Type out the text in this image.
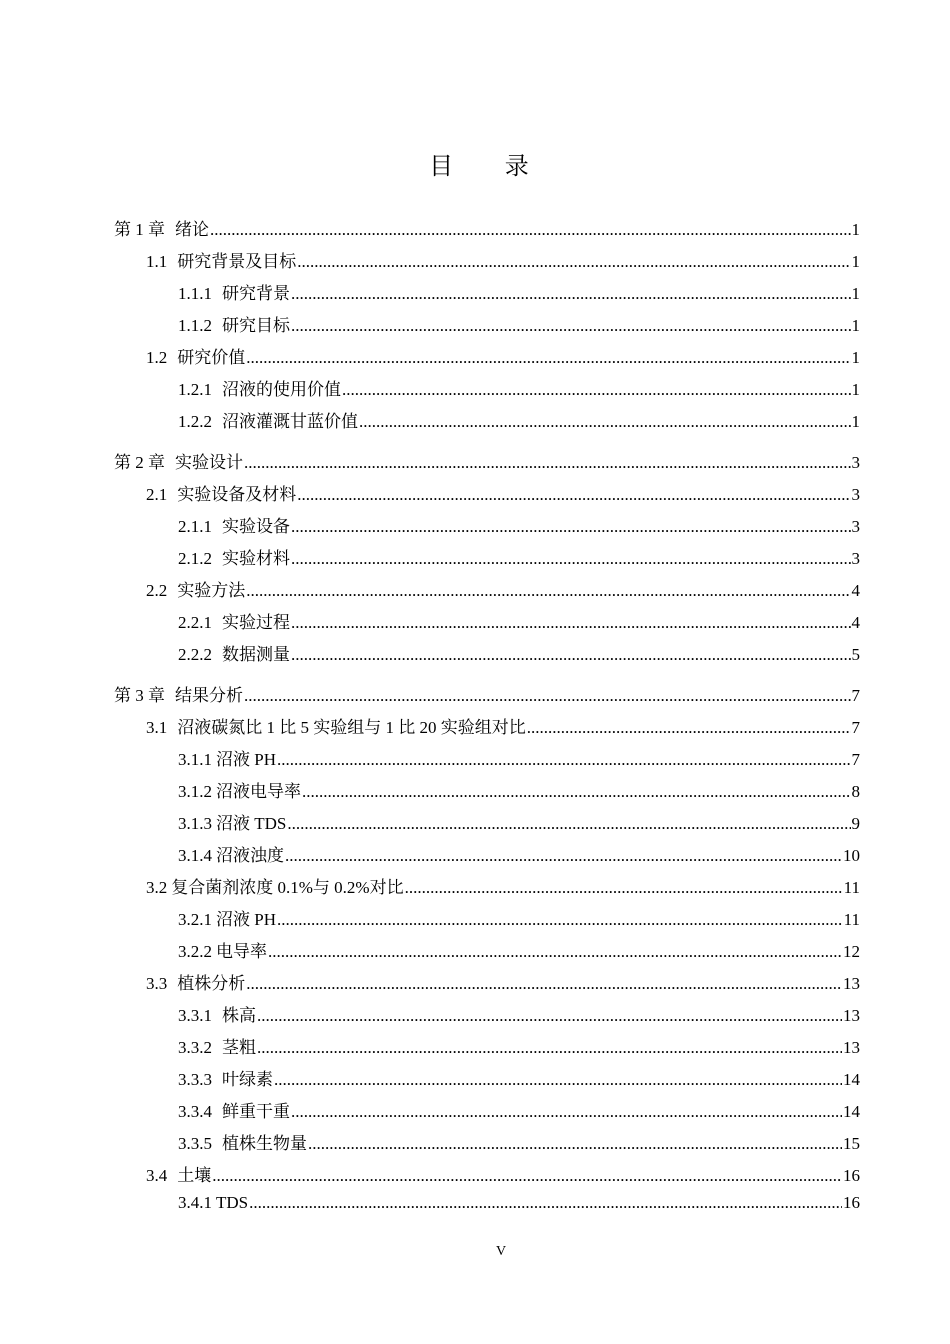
目 录
第 1 章 绪论 .....	1
1.1 研究背景及目标 .....	1
1.1.1 研究背景 .....	1
1.1.2 研究目标 .....	1
1.2 研究价值 .....	1
1.2.1 沼液的使用价值 .....	1
1.2.2 沼液灌溉甘蓝价值 .....	1
第 2 章 实验设计 .....	3
2.1 实验设备及材料 .....	3
2.1.1 实验设备 .....	3
2.1.2 实验材料 .....	3
2.2 实验方法 .....	4
2.2.1 实验过程 .....	4
2.2.2 数据测量 .....	5
第 3 章 结果分析 .....	7
3.1 沼液碳氮比 1 比 5 实验组与 1 比 20 实验组对比 .....	7
3.1.1 沼液 PH .....	7
3.1.2 沼液电导率 .....	8
3.1.3 沼液 TDS .....	9
3.1.4 沼液浊度 .....	10
3.2 复合菌剂浓度 0.1%与 0.2%对比 .....	11
3.2.1 沼液 PH .....	11
3.2.2 电导率 .....	12
3.3 植株分析 .....	13
3.3.1 株高 .....	13
3.3.2 茎粗 .....	13
3.3.3 叶绿素 .....	14
3.3.4 鲜重干重 .....	14
3.3.5 植株生物量 .....	15
3.4 土壤 .....	16
3.4.1 TDS .....	16
V
